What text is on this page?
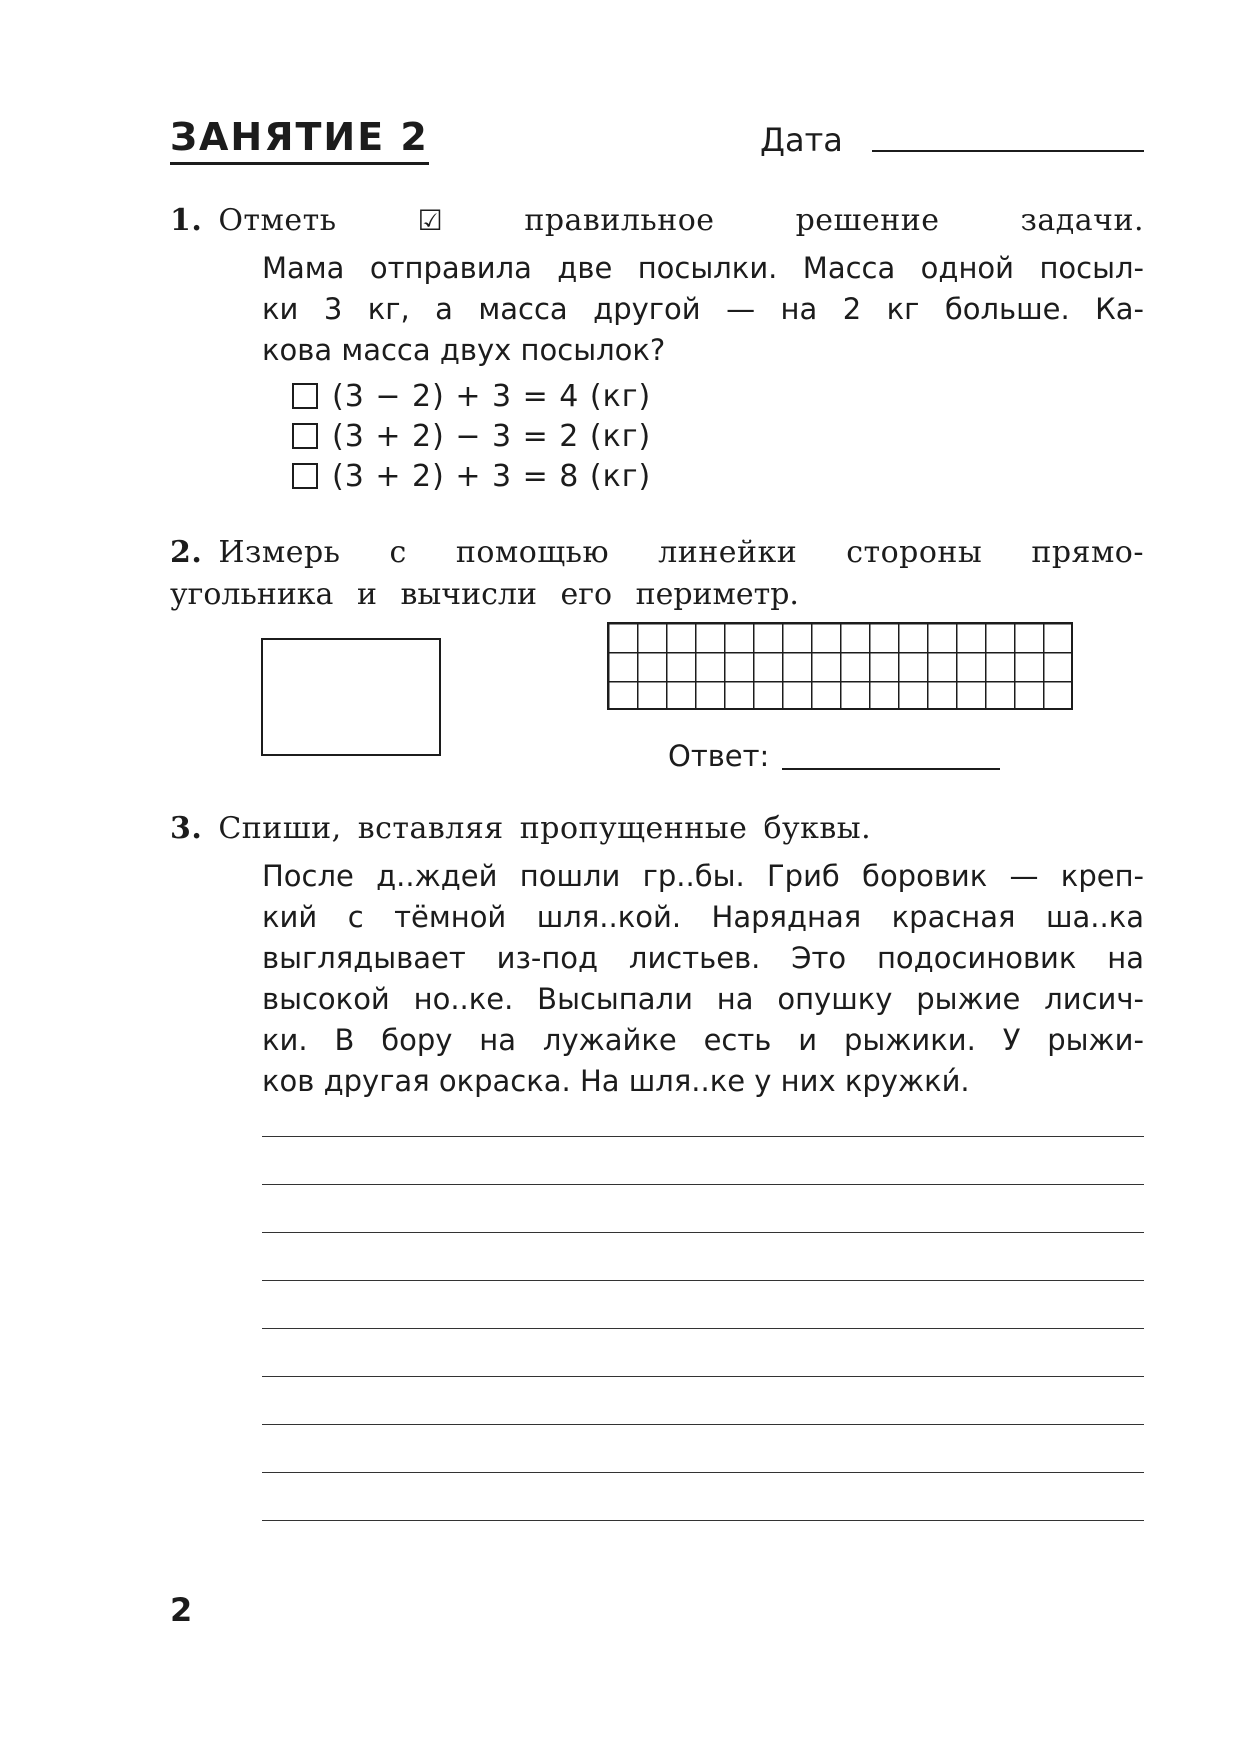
ЗАНЯТИЕ 2	Дата
1. Отметь	☑	правильное решение задачи.
Мама отправила две посылки. Масса одной посыл-
ки 3 кг, а масса другой — на 2 кг больше. Ка-
кова масса двух посылок?
(3 − 2) + 3 = 4 (кг)
(3 + 2) − 3 = 2 (кг)
(3 + 2) + 3 = 8 (кг)
2. Измерь с помощью линейки стороны прямо-
угольника и вычисли его периметр.
Ответ:
3. Спиши, вставляя пропущенные буквы.
После д..ждей пошли гр..бы. Гриб боровик — креп-
кий с тёмной шля..кой. Нарядная красная ша..ка
выглядывает из-под листьев. Это подосиновик на
высокой но..ке. Высыпали на опушку рыжие лисич-
ки. В бору на лужайке есть и рыжики. У рыжи-
ков другая окраска. На шля..ке у них кружки́.
2
